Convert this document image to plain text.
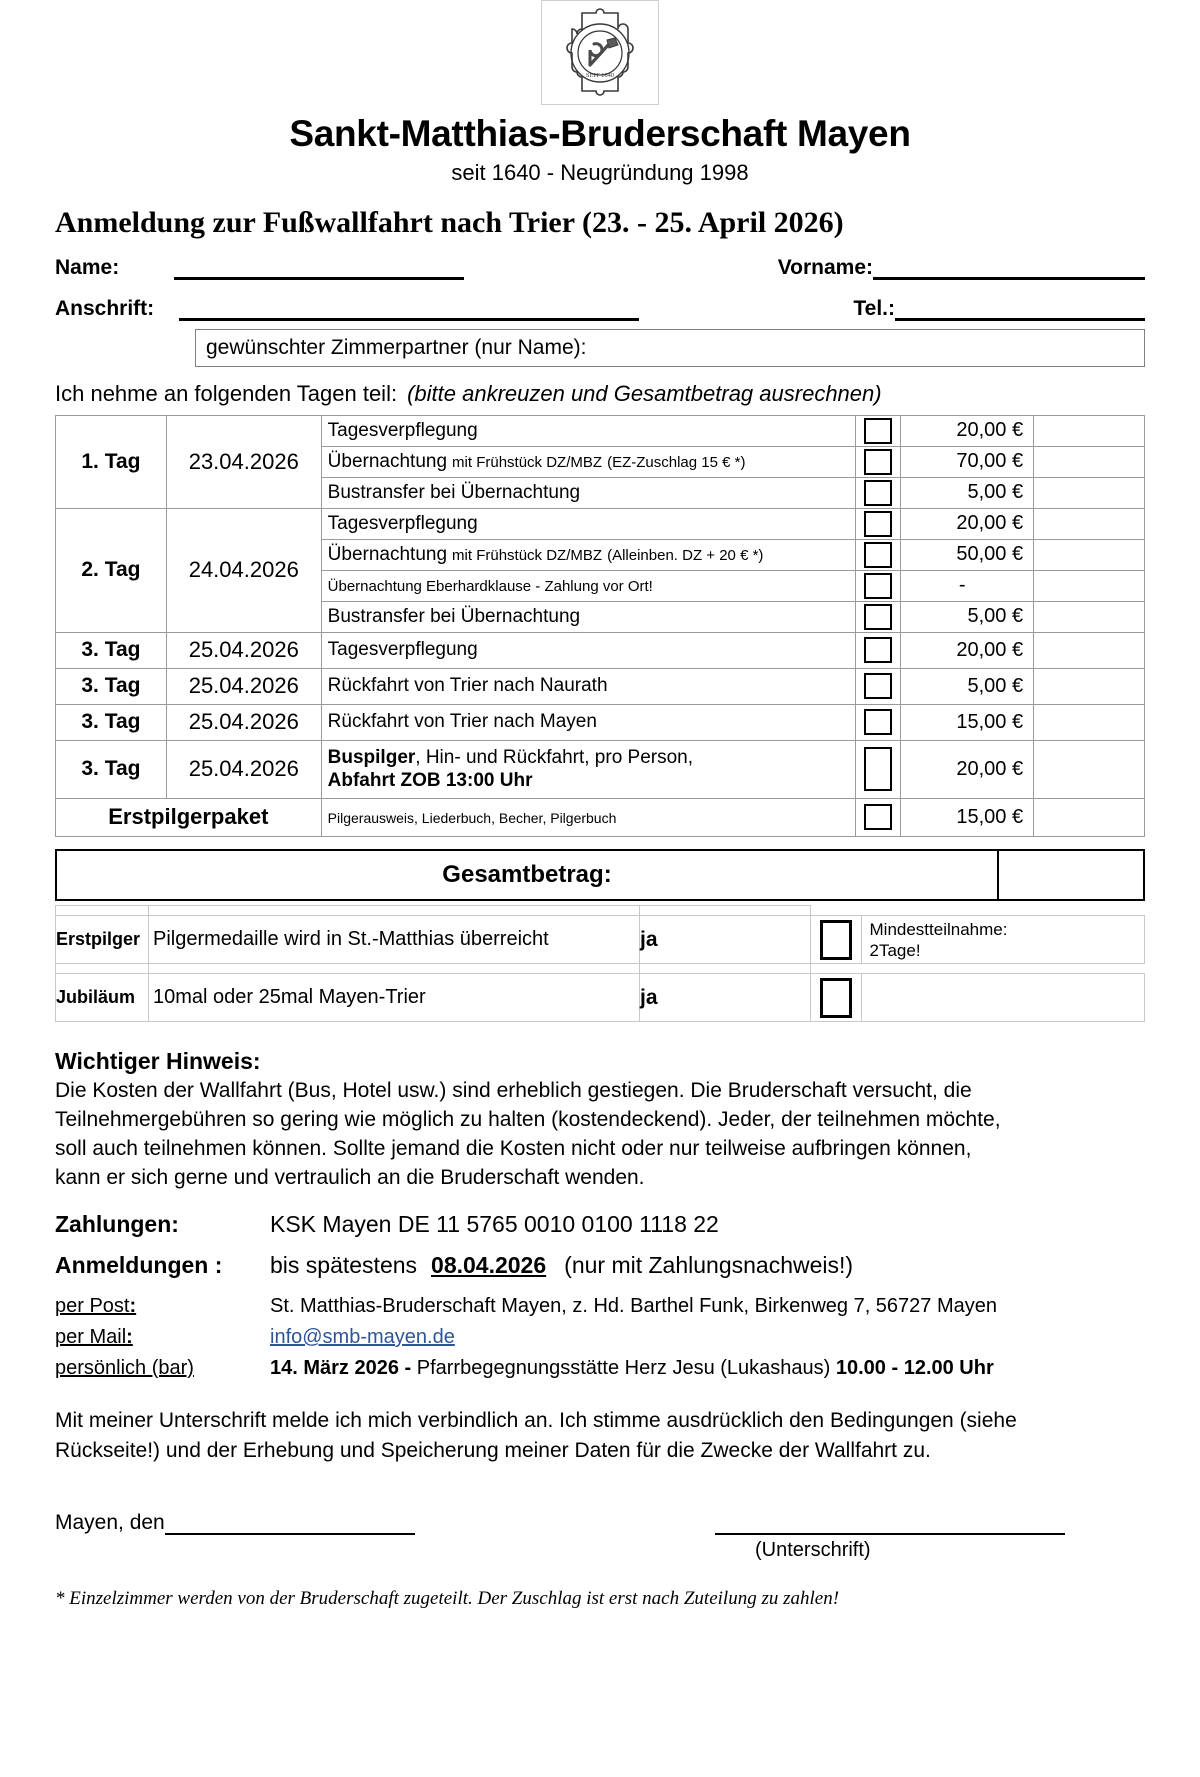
SEIT 1640
Sankt-Matthias-Bruderschaft Mayen
seit 1640 - Neugründung 1998
Anmeldung zur Fußwallfahrt nach Trier (23. - 25. April 2026)
Name:	Vorname:
Anschrift:	Tel.:
gewünschter Zimmerpartner (nur Name):
Ich nehme an folgenden Tagen teil: (bitte ankreuzen und Gesamtbetrag ausrechnen)
1. Tag	23.04.2026	Tagesverpflegung		20,00 €	
		Übernachtung mit Frühstück DZ/MBZ (EZ-Zuschlag 15 € *)		70,00 €	
		Bustransfer bei Übernachtung		5,00 €	
2. Tag	24.04.2026	Tagesverpflegung		20,00 €	
		Übernachtung mit Frühstück DZ/MBZ (Alleinben. DZ + 20 € *)		50,00 €	
		Übernachtung Eberhardklause - Zahlung vor Ort!		-	
		Bustransfer bei Übernachtung		5,00 €	
3. Tag	25.04.2026	Tagesverpflegung		20,00 €	
3. Tag	25.04.2026	Rückfahrt von Trier nach Naurath		5,00 €	
3. Tag	25.04.2026	Rückfahrt von Trier nach Mayen		15,00 €	
3. Tag	25.04.2026	Buspilger, Hin- und Rückfahrt, pro Person,
Abfahrt ZOB 13:00 Uhr		20,00 €	
Erstpilgerpaket		Pilgerausweis, Liederbuch, Becher, Pilgerbuch		15,00 €	

Gesamtbetrag:

Erstpilger	Pilgermedaille wird in St.-Matthias überreicht	ja		Mindestteilnahme:
2Tage!

Jubiläum	10mal oder 25mal Mayen-Trier	ja	

Wichtiger Hinweis:
Die Kosten der Wallfahrt (Bus, Hotel usw.) sind erheblich gestiegen. Die Bruderschaft versucht, die
Teilnehmergebühren so gering wie möglich zu halten (kostendeckend). Jeder, der teilnehmen möchte,
soll auch teilnehmen können. Sollte jemand die Kosten nicht oder nur teilweise aufbringen können,
kann er sich gerne und vertraulich an die Bruderschaft wenden.
Zahlungen:	KSK Mayen DE 11 5765 0010 0100 1118 22
Anmeldungen :	bis spätestens 08.04.2026 (nur mit Zahlungsnachweis!)
per Post:	St. Matthias-Bruderschaft Mayen, z. Hd. Barthel Funk, Birkenweg 7, 56727 Mayen
per Mail:	info@smb-mayen.de
persönlich (bar)	14. März 2026 - Pfarrbegegnungsstätte Herz Jesu (Lukashaus) 10.00 - 12.00 Uhr
Mit meiner Unterschrift melde ich mich verbindlich an. Ich stimme ausdrücklich den Bedingungen (siehe
Rückseite!) und der Erhebung und Speicherung meiner Daten für die Zwecke der Wallfahrt zu.
Mayen, den
(Unterschrift)
* Einzelzimmer werden von der Bruderschaft zugeteilt. Der Zuschlag ist erst nach Zuteilung zu zahlen!
